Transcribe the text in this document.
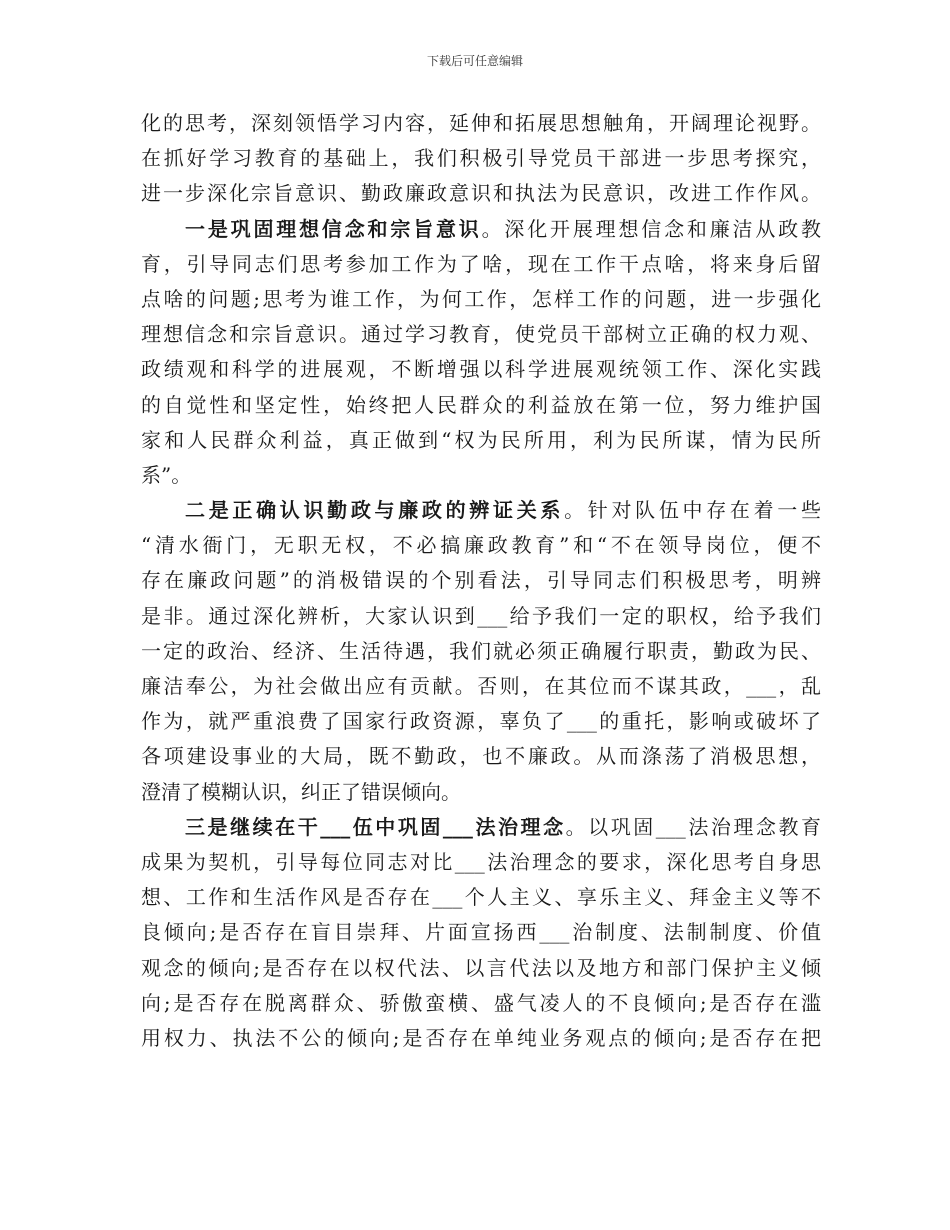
下载后可任意编辑
化的思考，深刻领悟学习内容，延伸和拓展思想触角，开阔理论视野。
在抓好学习教育的基础上，我们积极引导党员干部进一步思考探究，
进一步深化宗旨意识、勤政廉政意识和执法为民意识，改进工作作风。
一是巩固理想信念和宗旨意识。深化开展理想信念和廉洁从政教
育，引导同志们思考参加工作为了啥，现在工作干点啥，将来身后留
点啥的问题;思考为谁工作，为何工作，怎样工作的问题，进一步强化
理想信念和宗旨意识。通过学习教育，使党员干部树立正确的权力观、
政绩观和科学的进展观，不断增强以科学进展观统领工作、深化实践
的自觉性和坚定性，始终把人民群众的利益放在第一位，努力维护国
家和人民群众利益，真正做到“权为民所用，利为民所谋，情为民所
系”。
二是正确认识勤政与廉政的辨证关系。针对队伍中存在着一些
“清水衙门，无职无权，不必搞廉政教育”和“不在领导岗位，便不
存在廉政问题”的消极错误的个别看法，引导同志们积极思考，明辨
是非。通过深化辨析，大家认识到___给予我们一定的职权，给予我们
一定的政治、经济、生活待遇，我们就必须正确履行职责，勤政为民、
廉洁奉公，为社会做出应有贡献。否则，在其位而不谋其政，___，乱
作为，就严重浪费了国家行政资源，辜负了___的重托，影响或破坏了
各项建设事业的大局，既不勤政，也不廉政。从而涤荡了消极思想，
澄清了模糊认识，纠正了错误倾向。
三是继续在干___伍中巩固___法治理念。以巩固___法治理念教育
成果为契机，引导每位同志对比___法治理念的要求，深化思考自身思
想、工作和生活作风是否存在___个人主义、享乐主义、拜金主义等不
良倾向;是否存在盲目崇拜、片面宣扬西___治制度、法制制度、价值
观念的倾向;是否存在以权代法、以言代法以及地方和部门保护主义倾
向;是否存在脱离群众、骄傲蛮横、盛气凌人的不良倾向;是否存在滥
用权力、执法不公的倾向;是否存在单纯业务观点的倾向;是否存在把
